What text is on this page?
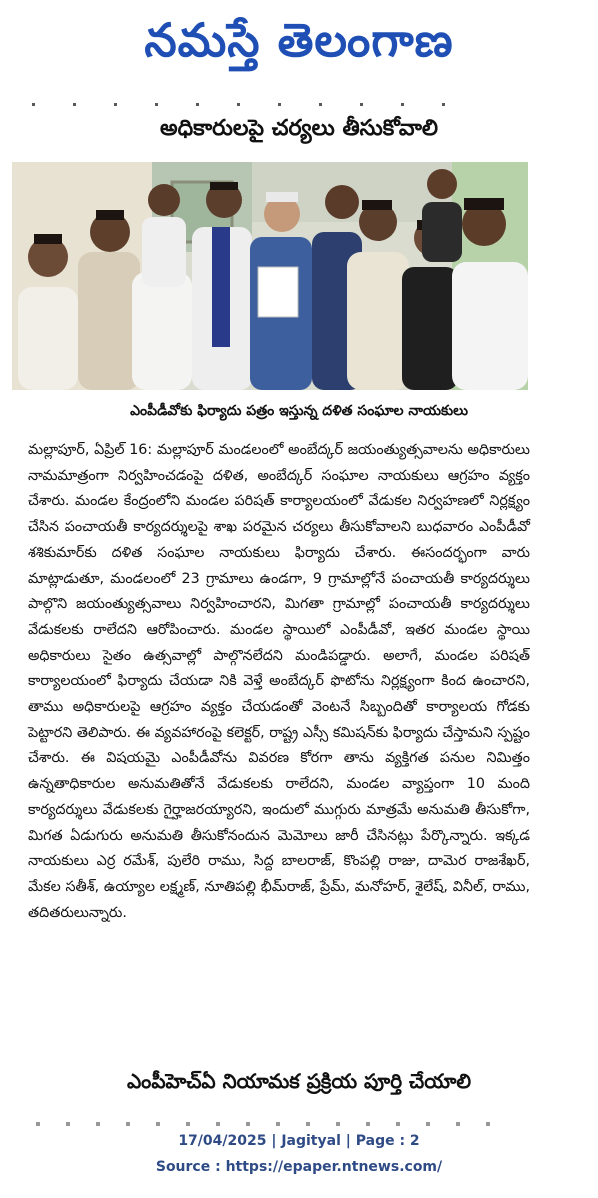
నమస్తే తెలంగాణ
అధికారులపై చర్యలు తీసుకోవాలి
ఎంపీడీవోకు ఫిర్యాదు పత్రం ఇస్తున్న దళిత సంఘాల నాయకులు

మల్లాపూర్, ఏప్రిల్ 16: మల్లాపూర్ మండలంలో అంబేద్కర్ జయంత్యుత్సవాలను అధికారులు నామమాత్రంగా నిర్వహించడంపై దళిత, అంబేద్కర్ సంఘాల నాయకులు ఆగ్రహం వ్యక్తం చేశారు. మండల కేంద్రంలోని మండల పరిషత్ కార్యాలయంలో వేడుకల నిర్వహణలో నిర్లక్ష్యం చేసిన పంచాయతీ కార్యదర్శులపై శాఖ పరమైన చర్యలు తీసుకోవాలని బుధవారం ఎంపీడీవో శశికుమార్‌కు దళిత సంఘాల నాయకులు ఫిర్యాదు చేశారు. ఈసందర్భంగా వారు మాట్లాడుతూ, మండలంలో 23 గ్రామాలు ఉండగా, 9 గ్రామాల్లోనే పంచాయతీ కార్యదర్శులు పాల్గొని జయంత్యుత్సవాలు నిర్వహించారని, మిగతా గ్రామాల్లో పంచాయతీ కార్యదర్శులు వేడుకలకు రాలేదని ఆరోపించారు. మండల స్థాయిలో ఎంపీడీవో, ఇతర మండల స్థాయి అధికారులు సైతం ఉత్సవాల్లో పాల్గొనలేదని మండిపడ్డారు. అలాగే, మండల పరిషత్ కార్యాలయంలో ఫిర్యాదు చేయడా నికి వెళ్తే అంబేద్కర్ ఫొటోను నిర్లక్ష్యంగా కింద ఉంచారని, తాము అధికారులపై ఆగ్రహం వ్యక్తం చేయడంతో వెంటనే సిబ్బందితో కార్యాలయ గోడకు పెట్టారని తెలిపారు. ఈ వ్యవహారంపై కలెక్టర్, రాష్ట్ర ఎస్సీ కమిషన్‌కు ఫిర్యాదు చేస్తామని స్పష్టం చేశారు. ఈ విషయమై ఎంపీడీవోను వివరణ కోరగా తాను వ్యక్తిగత పనుల నిమిత్తం ఉన్నతాధికారుల అనుమతితోనే వేడుకలకు రాలేదని, మండల వ్యాప్తంగా 10 మంది కార్యదర్శులు వేడుకలకు గైర్హాజరయ్యారని, ఇందులో ముగ్గురు మాత్రమే అనుమతి తీసుకోగా, మిగత ఏడుగురు అనుమతి తీసుకోనందున మెమోలు జారీ చేసినట్లు పేర్కొన్నారు. ఇక్కడ నాయకులు ఎర్ర రమేశ్, పులేరి రాము, సిద్ద బాలరాజ్, కొంపల్లి రాజు, దామెర రాజశేఖర్, మేకల సతీశ్, ఉయ్యాల లక్ష్మణ్, నూతిపల్లి భీమ్‌రాజ్, ప్రేమ్, మనోహర్, శైలేష్, వినీల్, రాము, తదితరులున్నారు.

ఎంపీహెచ్‌ఏ నియామక ప్రక్రియ పూర్తి చేయాలి
17/04/2025 | Jagityal | Page : 2
Source : https://epaper.ntnews.com/
